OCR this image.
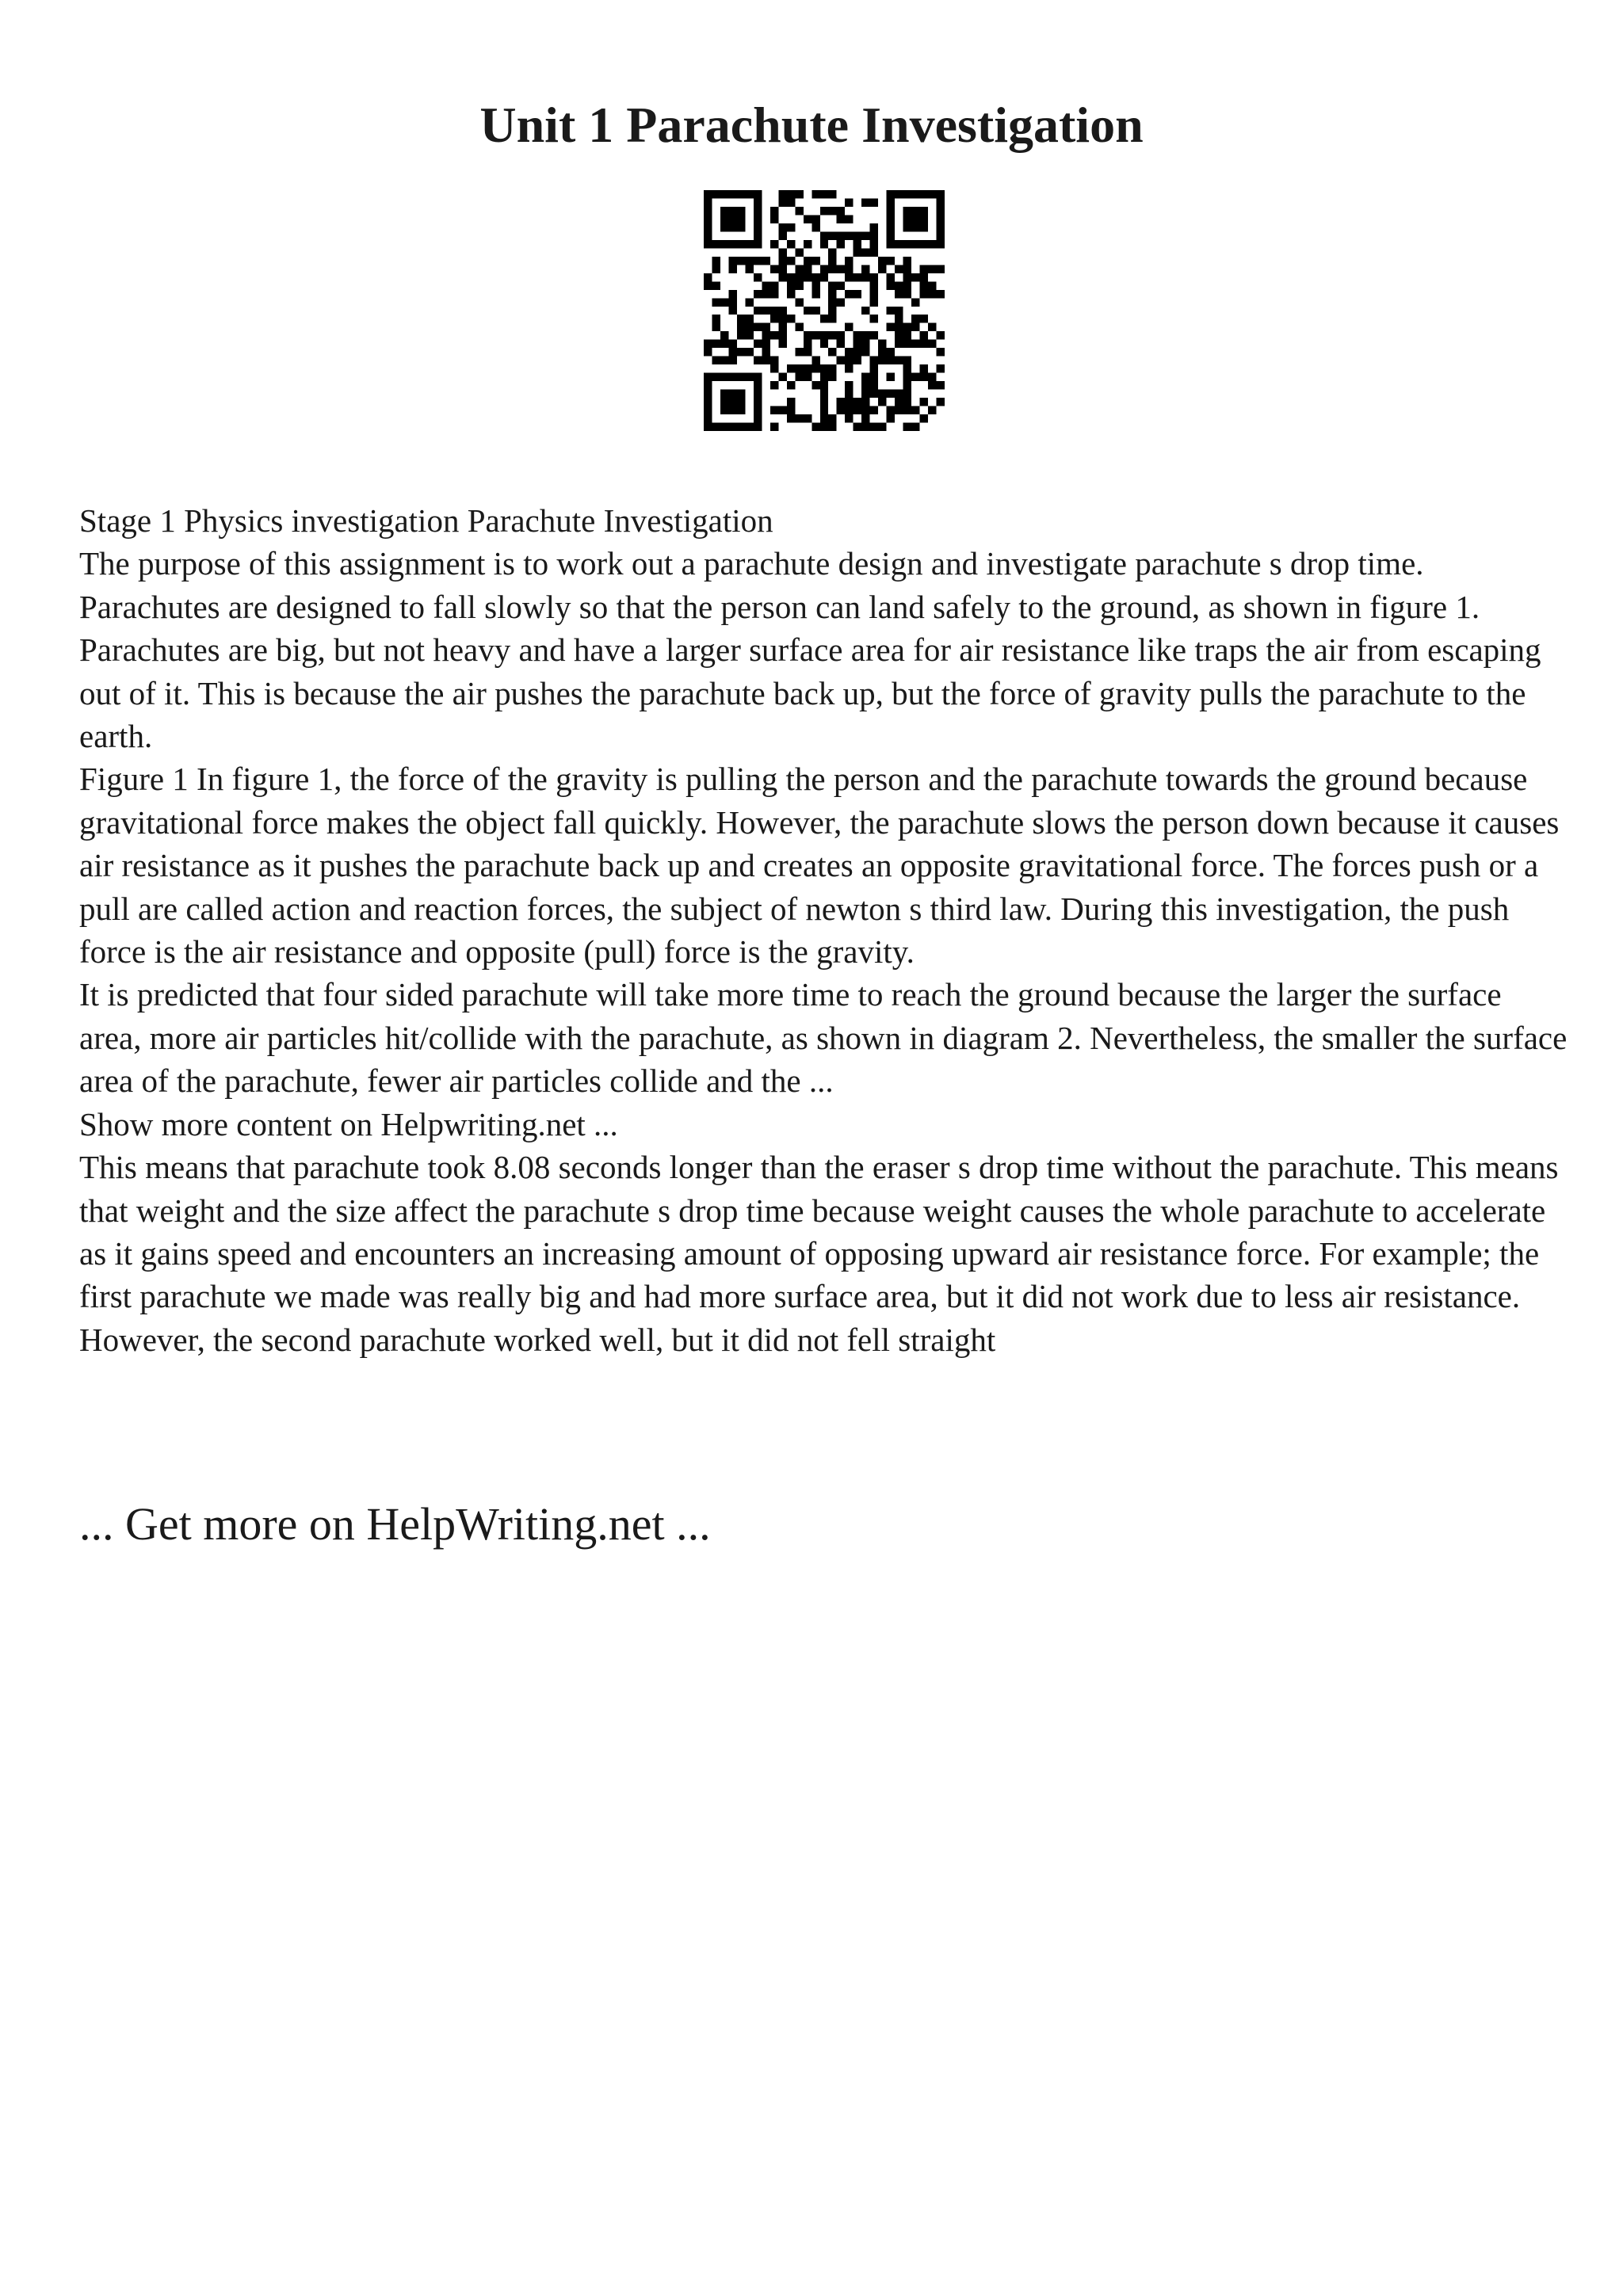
Unit 1 Parachute Investigation

Stage 1 Physics investigation Parachute Investigation

The purpose of this assignment is to work out a parachute design and investigate parachute s drop time. Parachutes are designed to fall slowly so that the person can land safely to the ground, as shown in figure 1. Parachutes are big, but not heavy and have a larger surface area for air resistance like traps the air from escaping out of it. This is because the air pushes the parachute back up, but the force of gravity pulls the parachute to the earth.

Figure 1 In figure 1, the force of the gravity is pulling the person and the parachute towards the ground because gravitational force makes the object fall quickly. However, the parachute slows the person down because it causes air resistance as it pushes the parachute back up and creates an opposite gravitational force. The forces push or a pull are called action and reaction forces, the subject of newton s third law. During this investigation, the push force is the air resistance and opposite (pull) force is the gravity.

It is predicted that four sided parachute will take more time to reach the ground because the larger the surface area, more air particles hit/collide with the parachute, as shown in diagram 2. Nevertheless, the smaller the surface area of the parachute, fewer air particles collide and the ...

Show more content on Helpwriting.net ...

This means that parachute took 8.08 seconds longer than the eraser s drop time without the parachute. This means that weight and the size affect the parachute s drop time because weight causes the whole parachute to accelerate as it gains speed and encounters an increasing amount of opposing upward air resistance force. For example; the first parachute we made was really big and had more surface area, but it did not work due to less air resistance. However, the second parachute worked well, but it did not fell straight

... Get more on HelpWriting.net ...
